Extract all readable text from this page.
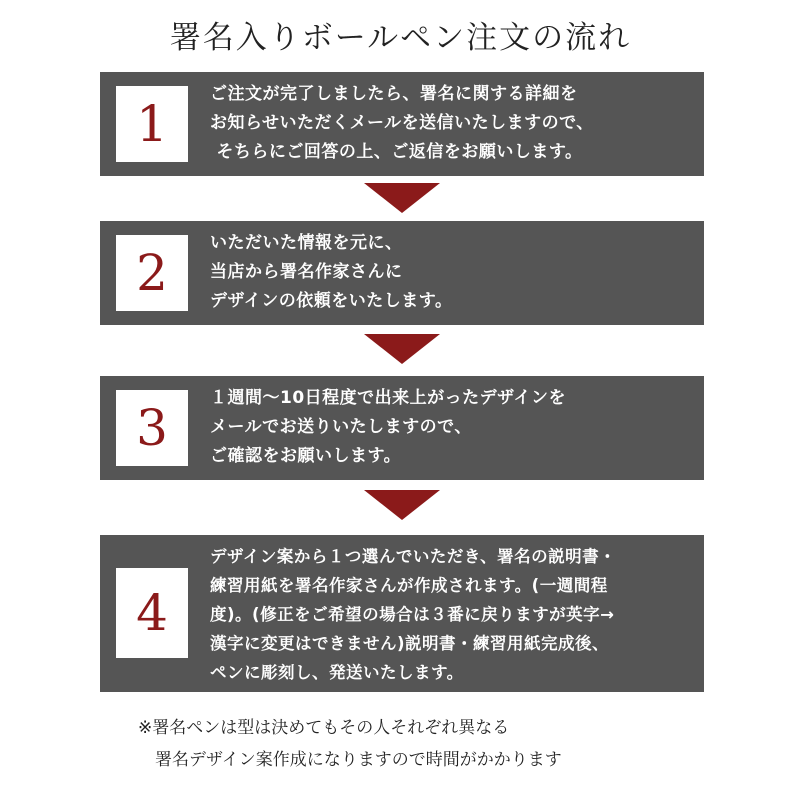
署名入りボールペン注文の流れ
1
ご注文が完了しましたら、署名に関する詳細を
お知らせいただくメールを送信いたしますので、
そちらにご回答の上、ご返信をお願いします。
2
いただいた情報を元に、
当店から署名作家さんに
デザインの依頼をいたします。
3
１週間～10日程度で出来上がったデザインを
メールでお送りいたしますので、
ご確認をお願いします。
4
デザイン案から１つ選んでいただき、署名の説明書・
練習用紙を署名作家さんが作成されます。(一週間程
度)。(修正をご希望の場合は３番に戻りますが英字→
漢字に変更はできません)説明書・練習用紙完成後、
ペンに彫刻し、発送いたします。
※署名ペンは型は決めてもその人それぞれ異なる
　署名デザイン案作成になりますので時間がかかります
